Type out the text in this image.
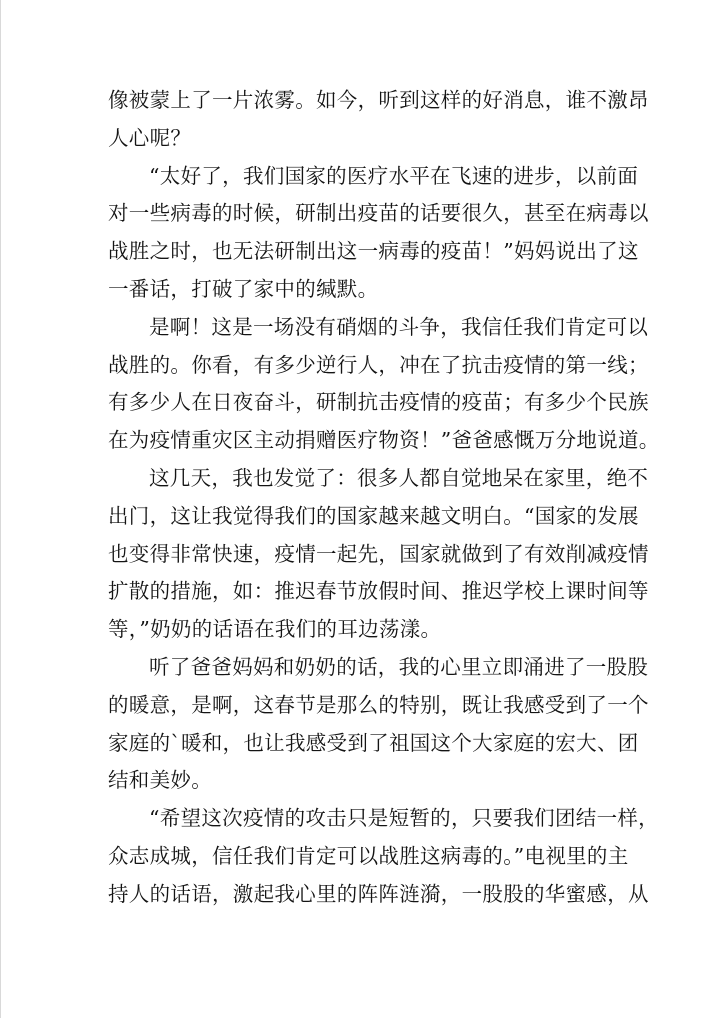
像被蒙上了一片浓雾。如今，听到这样的好消息，谁不激昂
人心呢？
“太好了，我们国家的医疗水平在飞速的进步，以前面
对一些病毒的时候，研制出疫苗的话要很久，甚至在病毒以
战胜之时，也无法研制出这一病毒的疫苗！”妈妈说出了这
一番话，打破了家中的缄默。
是啊！这是一场没有硝烟的斗争，我信任我们肯定可以
战胜的。你看，有多少逆行人，冲在了抗击疫情的第一线；
有多少人在日夜奋斗，研制抗击疫情的疫苗；有多少个民族
在为疫情重灾区主动捐赠医疗物资！”爸爸感慨万分地说道。
这几天，我也发觉了：很多人都自觉地呆在家里，绝不
出门，这让我觉得我们的国家越来越文明白。“国家的发展
也变得非常快速，疫情一起先，国家就做到了有效削减疫情
扩散的措施，如：推迟春节放假时间、推迟学校上课时间等
等，”奶奶的话语在我们的耳边荡漾。
听了爸爸妈妈和奶奶的话，我的心里立即涌进了一股股
的暖意，是啊，这春节是那么的特别，既让我感受到了一个
家庭的`暖和，也让我感受到了祖国这个大家庭的宏大、团
结和美妙。
“希望这次疫情的攻击只是短暂的，只要我们团结一样，
众志成城，信任我们肯定可以战胜这病毒的。”电视里的主
持人的话语，激起我心里的阵阵涟漪，一股股的华蜜感，从
